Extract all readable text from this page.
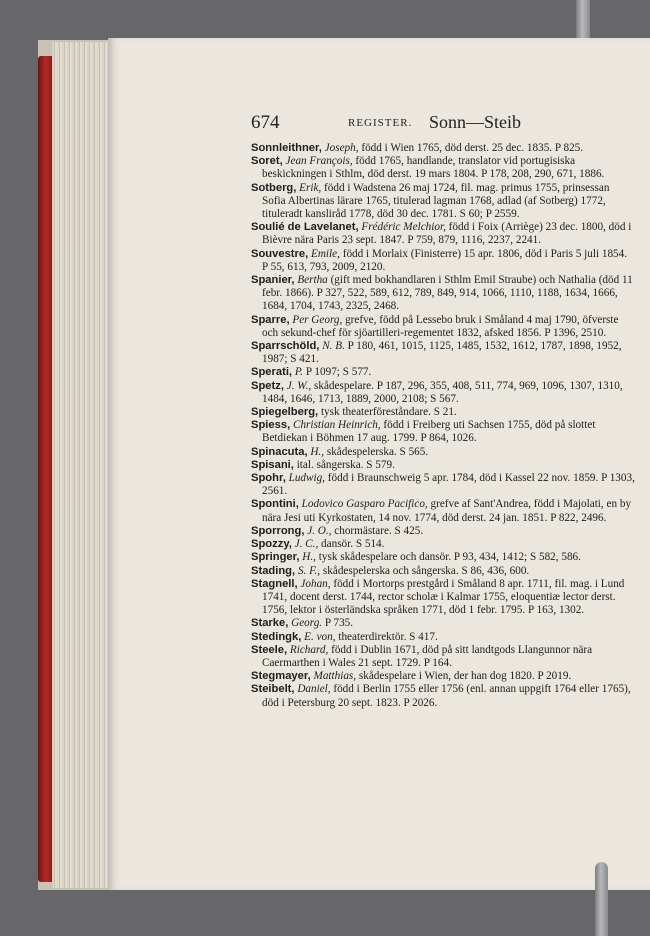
674	REGISTER. Sonn—Steib

Sonnleithner, Joseph, född i Wien 1765, död derst. 25 dec. 1835. P 825.

Soret, Jean François, född 1765, handlande, translator vid portugisiska beskickningen i Sthlm, död derst. 19 mars 1804. P 178, 208, 290, 671, 1886.

Sotberg, Erik, född i Wadstena 26 maj 1724, fil. mag. primus 1755, prinsessan Sofia Albertinas lärare 1765, titulerad lagman 1768, adlad (af Sotberg) 1772, tituleradt kanslіråd 1778, död 30 dec. 1781. S 60; P 2559.

Soulié de Lavelanet, Frédéric Melchior, född i Foix (Arriège) 23 dec. 1800, död i Bièvre nära Paris 23 sept. 1847. P 759, 879, 1116, 2237, 2241.

Souvestre, Emile, född i Morlaix (Finisterre) 15 apr. 1806, död i Paris 5 juli 1854. P 55, 613, 793, 2009, 2120.

Spanier, Bertha (gift med bokhandlaren i Sthlm Emil Straube) och Nathalia (död 11 febr. 1866). P 327, 522, 589, 612, 789, 849, 914, 1066, 1110, 1188, 1634, 1666, 1684, 1704, 1743, 2325, 2468.

Sparre, Per Georg, grefve, född på Lessebo bruk i Småland 4 maj 1790, öfverste och sekund-chef för sjöartilleri-regementet 1832, afsked 1856. P 1396, 2510.

Sparrschöld, N. B. P 180, 461, 1015, 1125, 1485, 1532, 1612, 1787, 1898, 1952, 1987; S 421.

Sperati, P. P 1097; S 577.

Spetz, J. W., skådespelare. P 187, 296, 355, 408, 511, 774, 969, 1096, 1307, 1310, 1484, 1646, 1713, 1889, 2000, 2108; S 567.

Spiegelberg, tysk theaterföreståndare. S 21.

Spiess, Christian Heinrich, född i Freiberg uti Sachsen 1755, död på slottet Betdiekan i Böhmen 17 aug. 1799. P 864, 1026.

Spinacuta, H., skådespelerska. S 565.

Spisani, ital. sångerska. S 579.

Spohr, Ludwig, född i Braunschweig 5 apr. 1784, död i Kassel 22 nov. 1859. P 1303, 2561.

Spontini, Lodovico Gasparo Pacifico, grefve af Sant'Andrea, född i Majolati, en by nära Jesi uti Kyrkostaten, 14 nov. 1774, död derst. 24 jan. 1851. P 822, 2496.

Sporrong, J. O., chormästare. S 425.

Spozzy, J. C., dansör. S 514.

Springer, H., tysk skådespelare och dansör. P 93, 434, 1412; S 582, 586.

Stading, S. F., skådespelerska och sångerska. S 86, 436, 600.

Stagnell, Johan, född i Mortorps prestgård i Småland 8 apr. 1711, fil. mag. i Lund 1741, docent derst. 1744, rector scholæ i Kalmar 1755, eloquentiæ lector derst. 1756, lektor i österländska språken 1771, död 1 febr. 1795. P 163, 1302.

Starke, Georg. P 735.

Stedingk, E. von, theaterdirektör. S 417.

Steele, Richard, född i Dublin 1671, död på sitt landtgods Llangunnor nära Caermarthen i Wales 21 sept. 1729. P 164.

Stegmayer, Matthias, skådespelare i Wien, der han dog 1820. P 2019.

Steibelt, Daniel, född i Berlin 1755 eller 1756 (enl. annan uppgift 1764 eller 1765), död i Petersburg 20 sept. 1823. P 2026.
